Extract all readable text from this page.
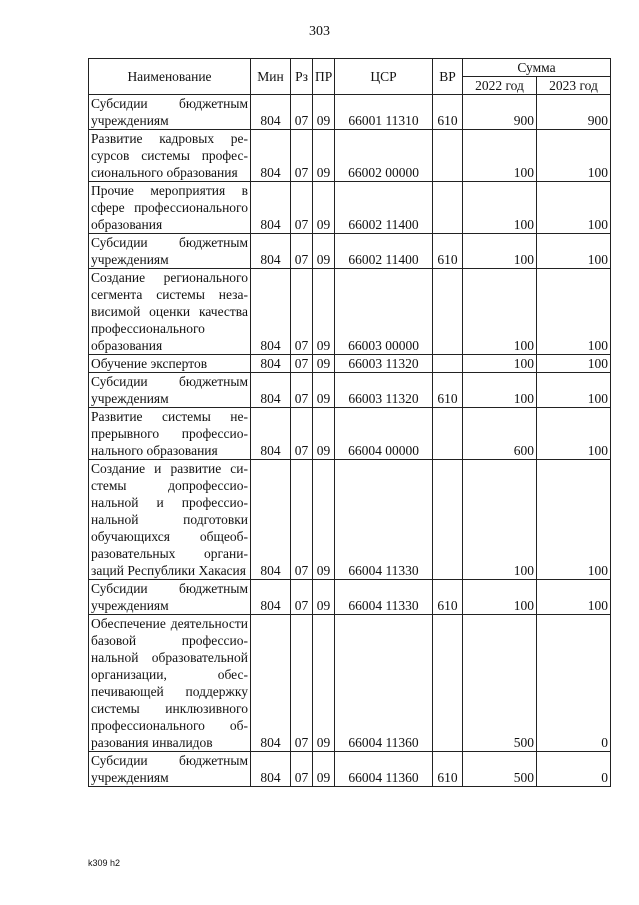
303
Наименование	Мин	Рз	ПР	ЦСР	ВР	Сумма	
						2022 год	2023 год
Субсидии бюджетным учреждениям	804	07	09	66001 11310	610	900	900
Развитие кадровых ресурсов системы профессионального образования	804	07	09	66002 00000		100	100
Прочие мероприятия в сфере профессионального образования	804	07	09	66002 11400		100	100
Субсидии бюджетным учреждениям	804	07	09	66002 11400	610	100	100
Создание регионального сегмента системы независимой оценки качества профессионального образования	804	07	09	66003 00000		100	100
Обучение экспертов	804	07	09	66003 11320		100	100
Субсидии бюджетным учреждениям	804	07	09	66003 11320	610	100	100
Развитие системы непрерывного профессионального образования	804	07	09	66004 00000		600	100
Создание и развитие системы допрофессиональной и профессиональной подготовки обучающихся общеобразовательных организаций Республики Хакасия	804	07	09	66004 11330		100	100
Субсидии бюджетным учреждениям	804	07	09	66004 11330	610	100	100
Обеспечение деятельности базовой профессиональной образовательной организации, обеспечивающей поддержку системы инклюзивного профессионального образования инвалидов	804	07	09	66004 11360		500	0
Субсидии бюджетным учреждениям	804	07	09	66004 11360	610	500	0
k309 h2
